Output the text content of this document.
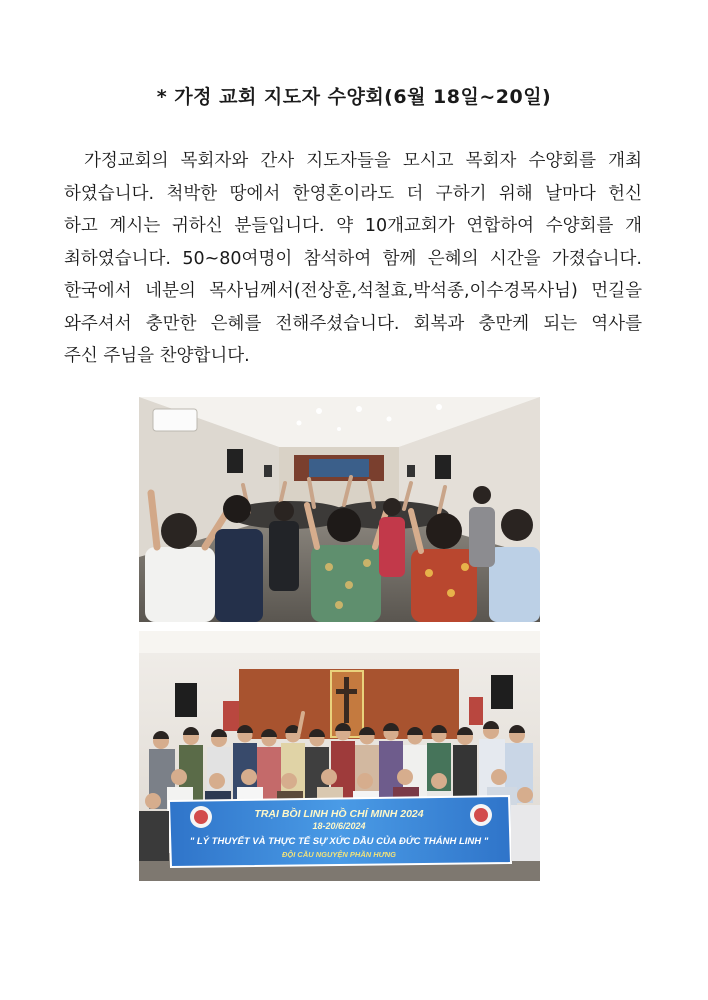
* 가정 교회 지도자 수양회(6월 18일~20일)
가정교회의 목회자와 간사 지도자들을 모시고 목회자 수양회를 개최
하였습니다. 척박한 땅에서 한영혼이라도 더 구하기 위해 날마다 헌신
하고 계시는 귀하신 분들입니다. 약 10개교회가 연합하여 수양회를 개
최하였습니다. 50~80여명이 참석하여 함께 은혜의 시간을 가졌습니다.
한국에서 네분의 목사님께서(전상훈,석철효,박석종,이수경목사님) 먼길을
와주셔서 충만한 은혜를 전해주셨습니다. 회복과 충만케 되는 역사를
주신 주님을 찬양합니다.
TRẠI BỒI LINH HỒ CHÍ MINH 2024
18-20/6/2024
" LÝ THUYẾT VÀ THỰC TẾ SỰ XỨC DẦU CỦA ĐỨC THÁNH LINH "
ĐỘI CẦU NGUYỆN PHẦN HƯNG
